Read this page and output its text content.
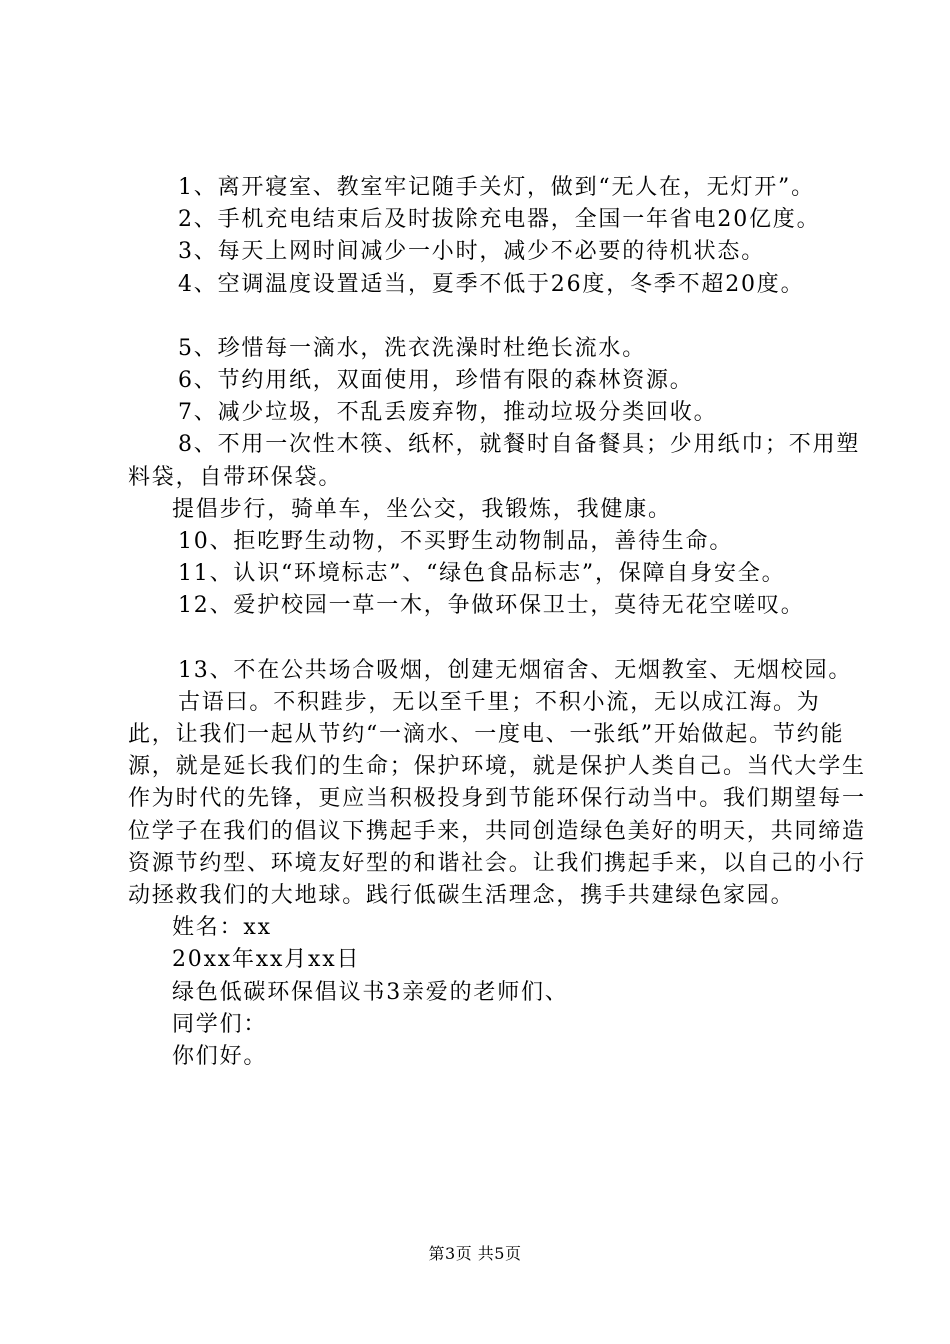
1、离开寝室、教室牢记随手关灯，做到“无人在，无灯开”。

2、手机充电结束后及时拔除充电器，全国一年省电20亿度。

3、每天上网时间减少一小时，减少不必要的待机状态。

4、空调温度设置适当，夏季不低于26度，冬季不超20度。

5、珍惜每一滴水，洗衣洗澡时杜绝长流水。

6、节约用纸，双面使用，珍惜有限的森林资源。

7、减少垃圾，不乱丢废弃物，推动垃圾分类回收。

8、不用一次性木筷、纸杯，就餐时自备餐具；少用纸巾；不用塑料袋，自带环保袋。

提倡步行，骑单车，坐公交，我锻炼，我健康。

10、拒吃野生动物，不买野生动物制品，善待生命。

11、认识“环境标志”、“绿色食品标志”，保障自身安全。

12、爱护校园一草一木，争做环保卫士，莫待无花空嗟叹。

13、不在公共场合吸烟，创建无烟宿舍、无烟教室、无烟校园。

古语曰。不积跬步，无以至千里；不积小流，无以成江海。为此，让我们一起从节约“一滴水、一度电、一张纸”开始做起。节约能源，就是延长我们的生命；保护环境，就是保护人类自己。当代大学生作为时代的先锋，更应当积极投身到节能环保行动当中。我们期望每一位学子在我们的倡议下携起手来，共同创造绿色美好的明天，共同缔造资源节约型、环境友好型的和谐社会。让我们携起手来，以自己的小行动拯救我们的大地球。践行低碳生活理念，携手共建绿色家园。

姓名：xx

20xx年xx月xx日

绿色低碳环保倡议书3亲爱的老师们、

同学们：

你们好。

第3页 共5页
